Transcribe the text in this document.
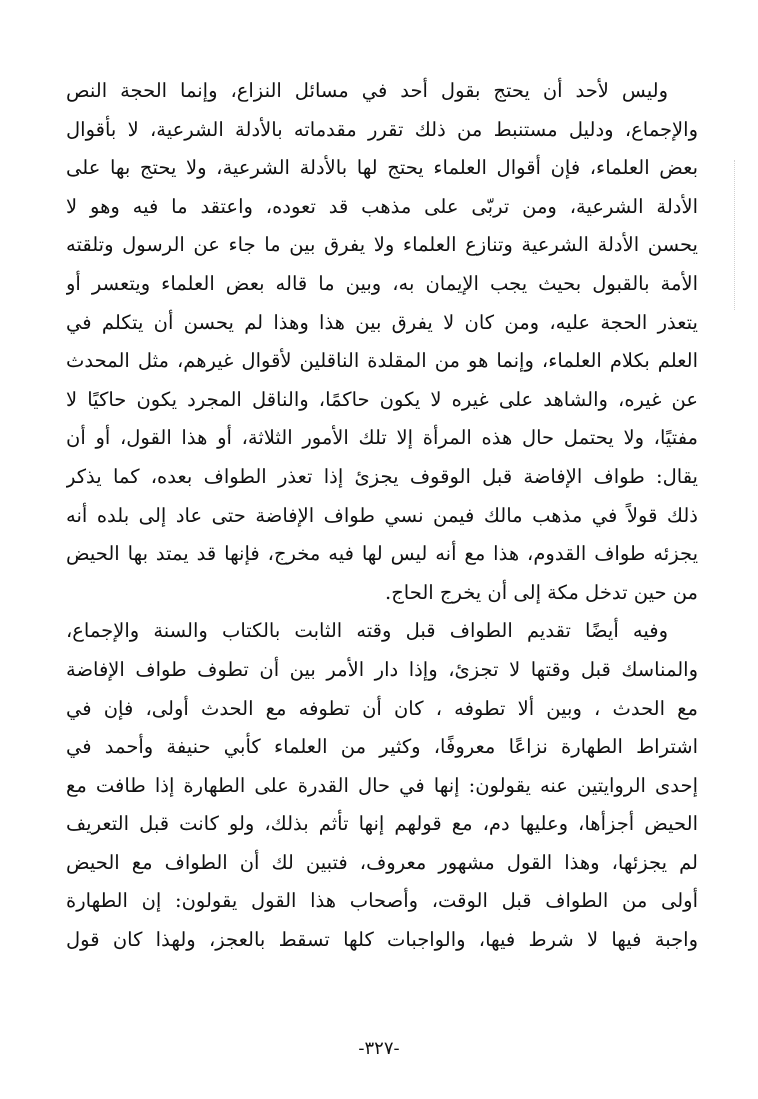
وليس لأحد أن يحتج بقول أحد في مسائل النزاع، وإنما الحجة النص
والإجماع، ودليل مستنبط من ذلك تقرر مقدماته بالأدلة الشرعية، لا بأقوال
بعض العلماء، فإن أقوال العلماء يحتج لها بالأدلة الشرعية، ولا يحتج بها على
الأدلة الشرعية، ومن تربّى على مذهب قد تعوده، واعتقد ما فيه وهو لا
يحسن الأدلة الشرعية وتنازع العلماء ولا يفرق بين ما جاء عن الرسول وتلقته
الأمة بالقبول بحيث يجب الإيمان به، وبين ما قاله بعض العلماء ويتعسر أو
يتعذر الحجة عليه، ومن كان لا يفرق بين هذا وهذا لم يحسن أن يتكلم في
العلم بكلام العلماء، وإنما هو من المقلدة الناقلين لأقوال غيرهم، مثل المحدث
عن غيره، والشاهد على غيره لا يكون حاكمًا، والناقل المجرد يكون حاكيًا لا
مفتيًا، ولا يحتمل حال هذه المرأة إلا تلك الأمور الثلاثة، أو هذا القول، أو أن
يقال: طواف الإفاضة قبل الوقوف يجزئ إذا تعذر الطواف بعده، كما يذكر
ذلك قولاً في مذهب مالك فيمن نسي طواف الإفاضة حتى عاد إلى بلده أنه
يجزئه طواف القدوم، هذا مع أنه ليس لها فيه مخرج، فإنها قد يمتد بها الحيض
من حين تدخل مكة إلى أن يخرج الحاج.
وفيه أيضًا تقديم الطواف قبل وقته الثابت بالكتاب والسنة والإجماع،
والمناسك قبل وقتها لا تجزئ، وإذا دار الأمر بين أن تطوف طواف الإفاضة
مع الحدث ، وبين ألا تطوفه ، كان أن تطوفه مع الحدث أولى، فإن في
اشتراط الطهارة نزاعًا معروفًا، وكثير من العلماء كأبي حنيفة وأحمد في
إحدى الروايتين عنه يقولون: إنها في حال القدرة على الطهارة إذا طافت مع
الحيض أجزأها، وعليها دم، مع قولهم إنها تأثم بذلك، ولو كانت قبل التعريف
لم يجزئها، وهذا القول مشهور معروف، فتبين لك أن الطواف مع الحيض
أولى من الطواف قبل الوقت، وأصحاب هذا القول يقولون: إن الطهارة
واجبة فيها لا شرط فيها، والواجبات كلها تسقط بالعجز، ولهذا كان قول
-٣٢٧-
